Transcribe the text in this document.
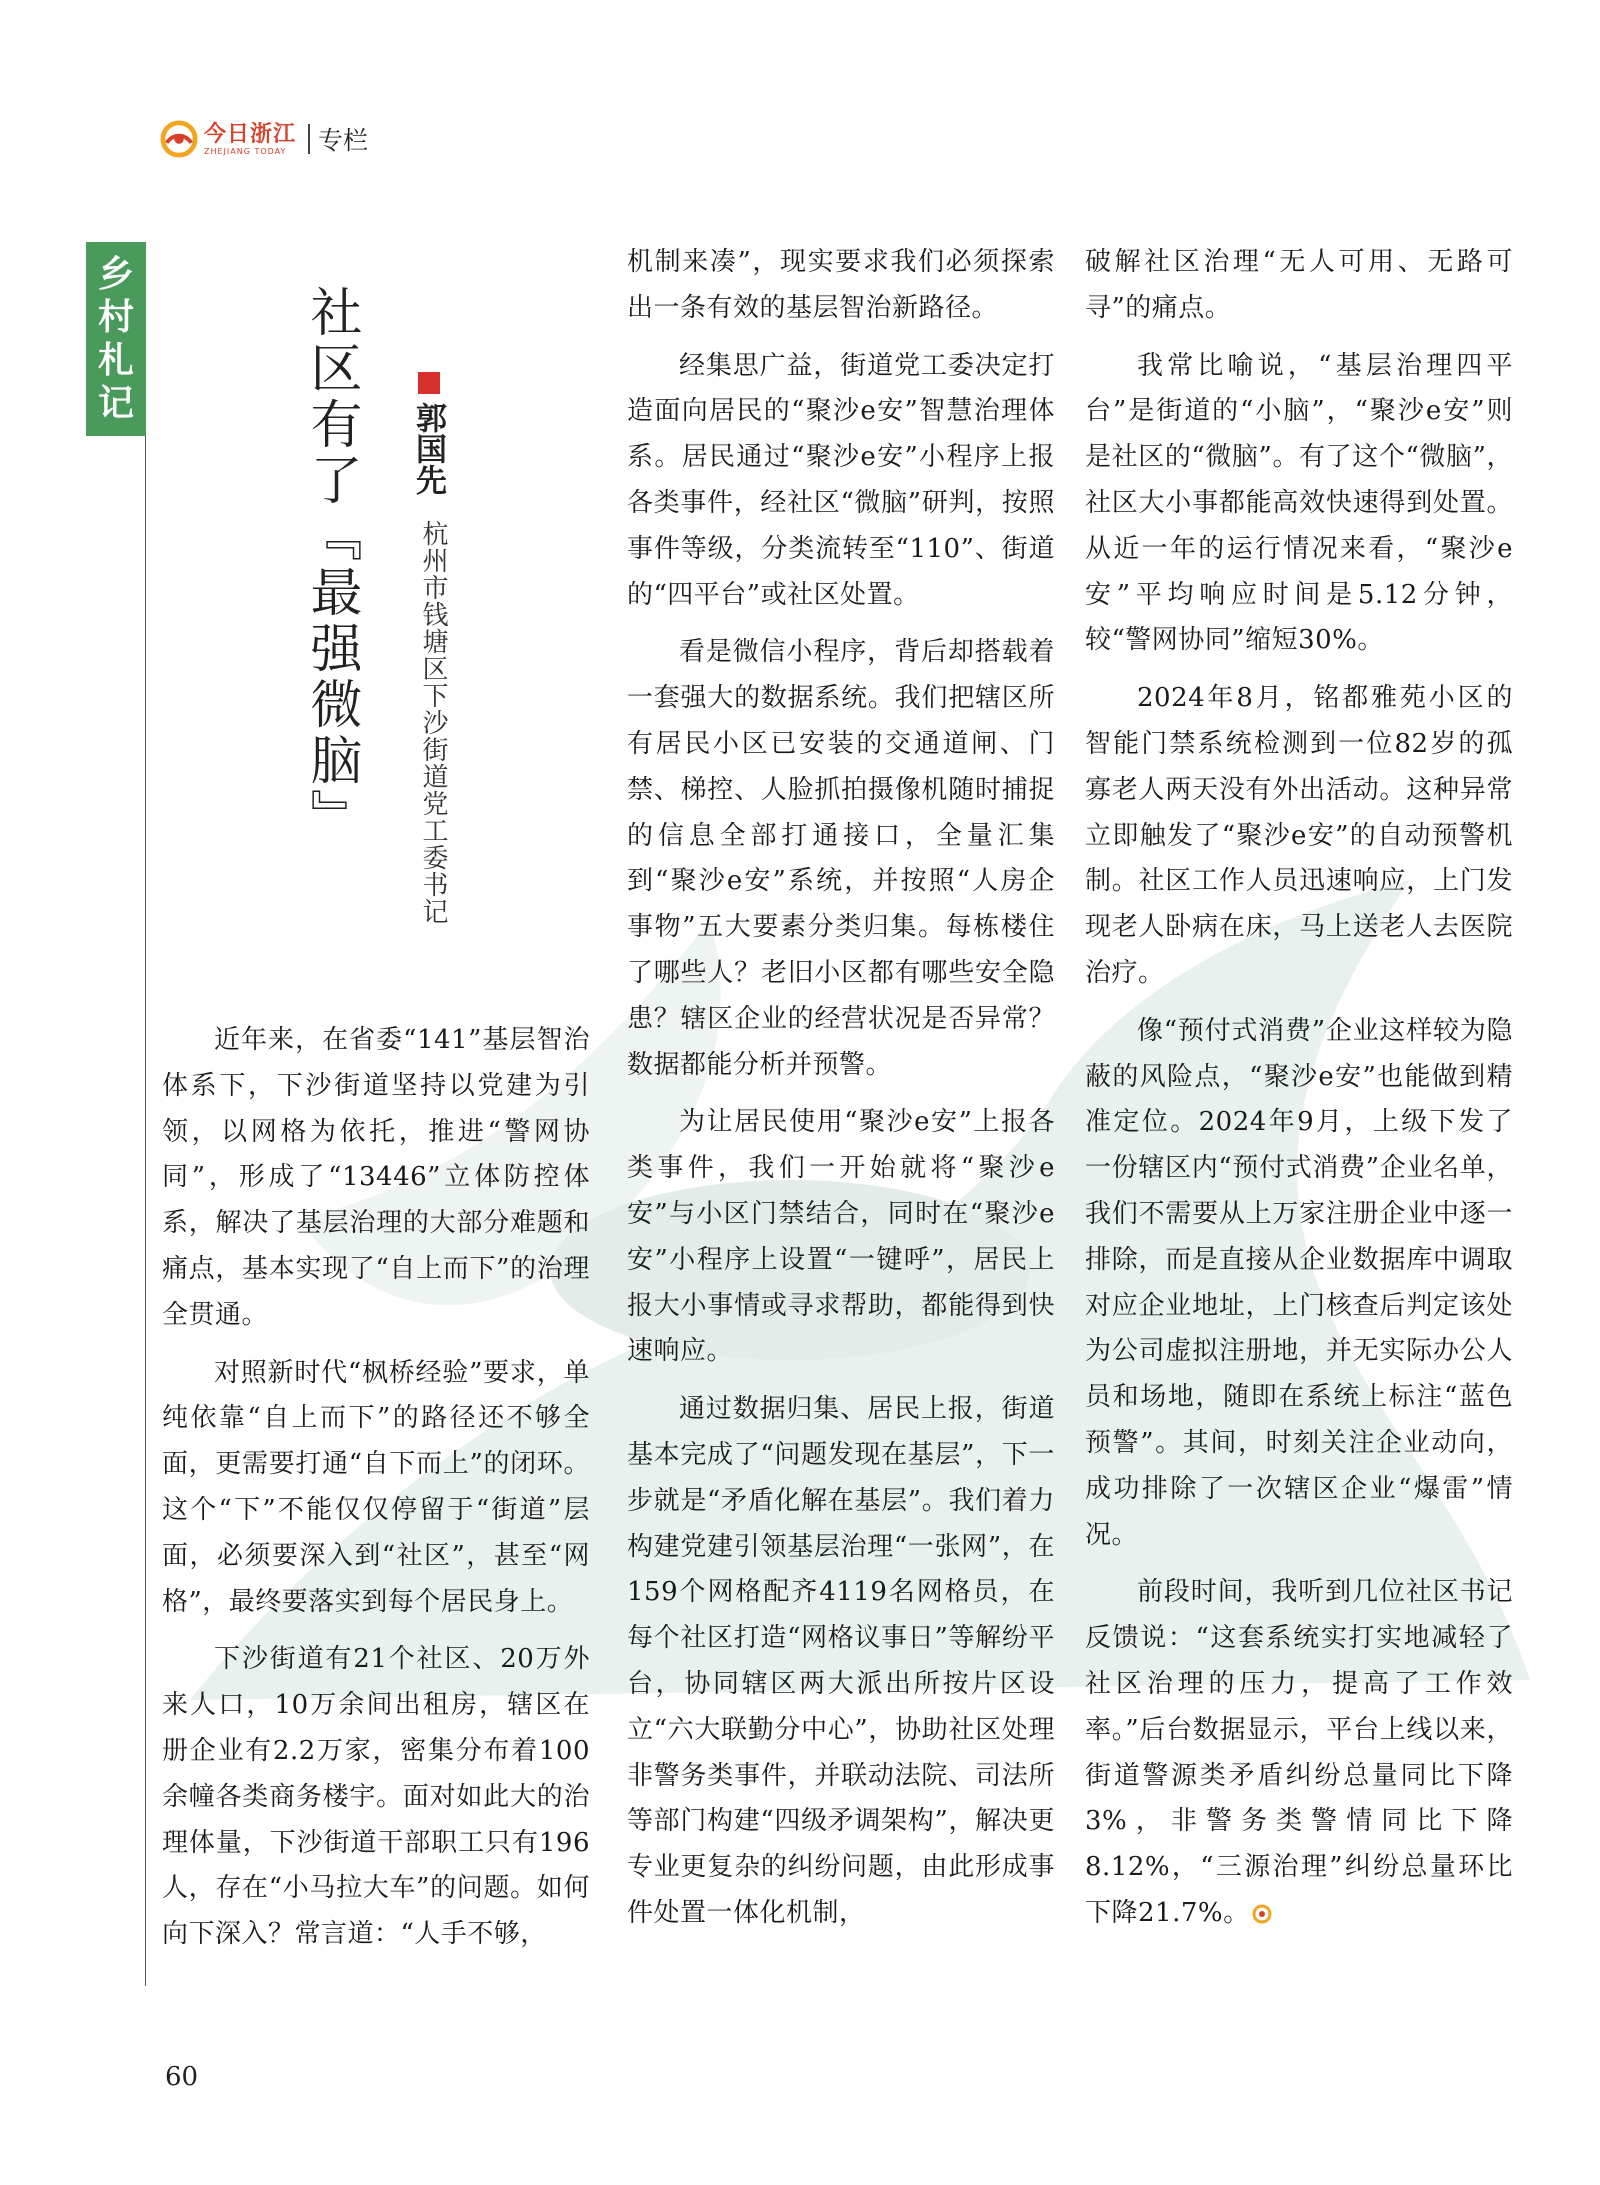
今日浙江
ZHEJIANG TODAY	专栏
乡
村
札
记	社区有了『最强微脑』 郭国先
杭州市钱塘区下沙街道党工委书记

近年来，在省委“141”基层智治体系下，下沙街道坚持以党建为引领，以网格为依托，推进“警网协同”，形成了“13446”立体防控体系，解决了基层治理的大部分难题和痛点，基本实现了“自上而下”的治理全贯通。

对照新时代“枫桥经验”要求，单纯依靠“自上而下”的路径还不够全面，更需要打通“自下而上”的闭环。这个“下”不能仅仅停留于“街道”层面，必须要深入到“社区”，甚至“网格”，最终要落实到每个居民身上。

下沙街道有21个社区、20万外来人口，10万余间出租房，辖区在册企业有2.2万家，密集分布着100余幢各类商务楼宇。面对如此大的治理体量，下沙街道干部职工只有196人，存在“小马拉大车”的问题。如何向下深入？常言道：“人手不够，

机制来凑”，现实要求我们必须探索出一条有效的基层智治新路径。

经集思广益，街道党工委决定打造面向居民的“聚沙e安”智慧治理体系。居民通过“聚沙e安”小程序上报各类事件，经社区“微脑”研判，按照事件等级，分类流转至“110”、街道的“四平台”或社区处置。

看是微信小程序，背后却搭载着一套强大的数据系统。我们把辖区所有居民小区已安装的交通道闸、门禁、梯控、人脸抓拍摄像机随时捕捉的信息全部打通接口，全量汇集到“聚沙e安”系统，并按照“人房企事物”五大要素分类归集。每栋楼住了哪些人？老旧小区都有哪些安全隐患？辖区企业的经营状况是否异常？数据都能分析并预警。

为让居民使用“聚沙e安”上报各类事件，我们一开始就将“聚沙e安”与小区门禁结合，同时在“聚沙e安”小程序上设置“一键呼”，居民上报大小事情或寻求帮助，都能得到快速响应。

通过数据归集、居民上报，街道基本完成了“问题发现在基层”，下一步就是“矛盾化解在基层”。我们着力构建党建引领基层治理“一张网”，在159个网格配齐4119名网格员，在每个社区打造“网格议事日”等解纷平台，协同辖区两大派出所按片区设立“六大联勤分中心”，协助社区处理非警务类事件，并联动法院、司法所等部门构建“四级矛调架构”，解决更专业更复杂的纠纷问题，由此形成事件处置一体化机制，

破解社区治理“无人可用、无路可寻”的痛点。

我常比喻说，“基层治理四平台”是街道的“小脑”，“聚沙e安”则是社区的“微脑”。有了这个“微脑”，社区大小事都能高效快速得到处置。从近一年的运行情况来看，“聚沙e安”平均响应时间是5.12分钟，较“警网协同”缩短30%。

2024年8月，铭都雅苑小区的智能门禁系统检测到一位82岁的孤寡老人两天没有外出活动。这种异常立即触发了“聚沙e安”的自动预警机制。社区工作人员迅速响应，上门发现老人卧病在床，马上送老人去医院治疗。

像“预付式消费”企业这样较为隐蔽的风险点，“聚沙e安”也能做到精准定位。2024年9月，上级下发了一份辖区内“预付式消费”企业名单，我们不需要从上万家注册企业中逐一排除，而是直接从企业数据库中调取对应企业地址，上门核查后判定该处为公司虚拟注册地，并无实际办公人员和场地，随即在系统上标注“蓝色预警”。其间，时刻关注企业动向，成功排除了一次辖区企业“爆雷”情况。

前段时间，我听到几位社区书记反馈说：“这套系统实打实地减轻了社区治理的压力，提高了工作效率。”后台数据显示，平台上线以来，街道警源类矛盾纠纷总量同比下降3%，非警务类警情同比下降8.12%，“三源治理”纠纷总量环比下降21.7%。

60
